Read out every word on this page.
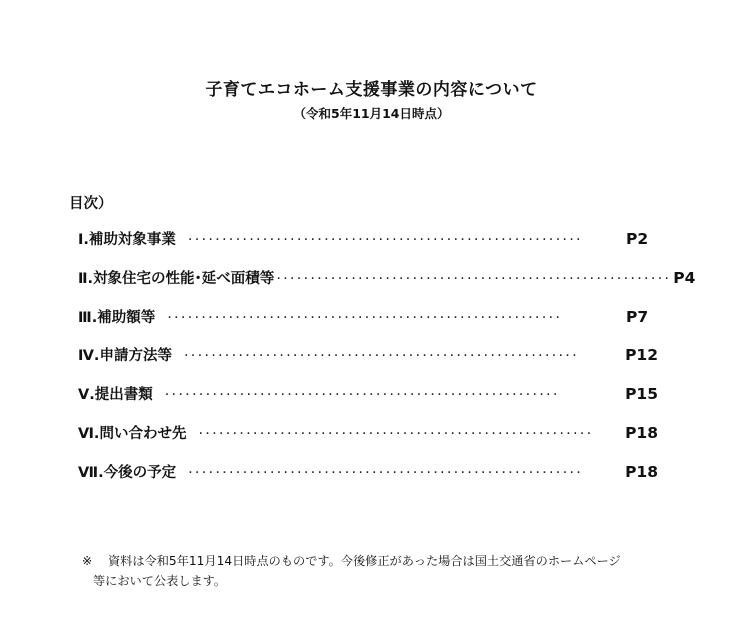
子育てエコホーム支援事業の内容について
（令和5年11月14日時点）
目次）
Ⅰ. 補助対象事業 ··························································	P2
Ⅱ. 対象住宅の性能･延べ面積等 ·························································· P4
Ⅲ. 補助額等 ··························································	P7
Ⅳ. 申請方法等 ··························································	P12
Ⅴ. 提出書類 ··························································	P15
Ⅵ. 問い合わせ先 ··························································	P18
Ⅶ. 今後の予定 ··························································	P18
※ 資料は令和5年11月14日時点のものです。今後修正があった場合は国土交通省のホームページ
等において公表します。
